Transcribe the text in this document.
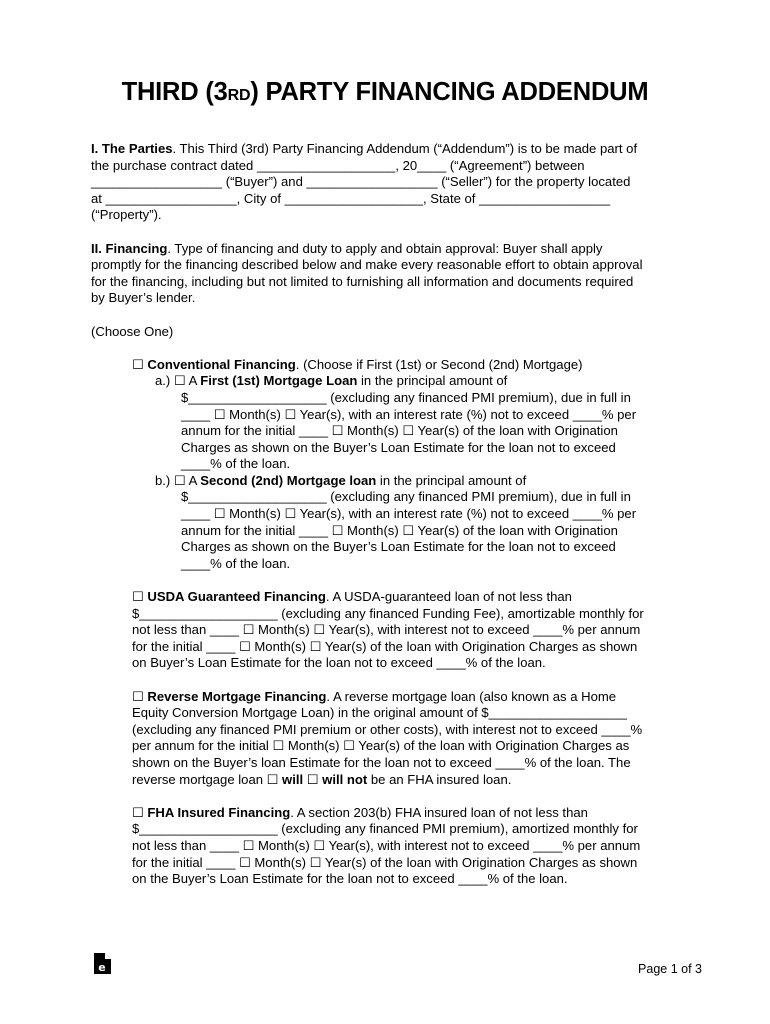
THIRD (3RD) PARTY FINANCING ADDENDUM
I. The Parties. This Third (3rd) Party Financing Addendum (“Addendum”) is to be made part of
the purchase contract dated ___________________, 20____ (“Agreement”) between
__________________ (“Buyer”) and __________________ (“Seller”) for the property located
at __________________, City of ___________________, State of __________________
(“Property”).
II. Financing. Type of financing and duty to apply and obtain approval: Buyer shall apply
promptly for the financing described below and make every reasonable effort to obtain approval
for the financing, including but not limited to furnishing all information and documents required
by Buyer’s lender.
(Choose One)
☐ Conventional Financing. (Choose if First (1st) or Second (2nd) Mortgage)
a.) ☐ A First (1st) Mortgage Loan in the principal amount of
$___________________ (excluding any financed PMI premium), due in full in
____ ☐ Month(s) ☐ Year(s), with an interest rate (%) not to exceed ____% per
annum for the initial ____ ☐ Month(s) ☐ Year(s) of the loan with Origination
Charges as shown on the Buyer’s Loan Estimate for the loan not to exceed
____% of the loan.
b.) ☐ A Second (2nd) Mortgage loan in the principal amount of
$___________________ (excluding any financed PMI premium), due in full in
____ ☐ Month(s) ☐ Year(s), with an interest rate (%) not to exceed ____% per
annum for the initial ____ ☐ Month(s) ☐ Year(s) of the loan with Origination
Charges as shown on the Buyer’s Loan Estimate for the loan not to exceed
____% of the loan.
☐ USDA Guaranteed Financing. A USDA-guaranteed loan of not less than
$___________________ (excluding any financed Funding Fee), amortizable monthly for
not less than ____ ☐ Month(s) ☐ Year(s), with interest not to exceed ____% per annum
for the initial ____ ☐ Month(s) ☐ Year(s) of the loan with Origination Charges as shown
on Buyer’s Loan Estimate for the loan not to exceed ____% of the loan.
☐ Reverse Mortgage Financing. A reverse mortgage loan (also known as a Home
Equity Conversion Mortgage Loan) in the original amount of $___________________
(excluding any financed PMI premium or other costs), with interest not to exceed ____%
per annum for the initial ☐ Month(s) ☐ Year(s) of the loan with Origination Charges as
shown on the Buyer’s loan Estimate for the loan not to exceed ____% of the loan. The
reverse mortgage loan ☐ will ☐ will not be an FHA insured loan.
☐ FHA Insured Financing. A section 203(b) FHA insured loan of not less than
$___________________ (excluding any financed PMI premium), amortized monthly for
not less than ____ ☐ Month(s) ☐ Year(s), with interest not to exceed ____% per annum
for the initial ____ ☐ Month(s) ☐ Year(s) of the loan with Origination Charges as shown
on the Buyer’s Loan Estimate for the loan not to exceed ____% of the loan.
e	Page 1 of 3
